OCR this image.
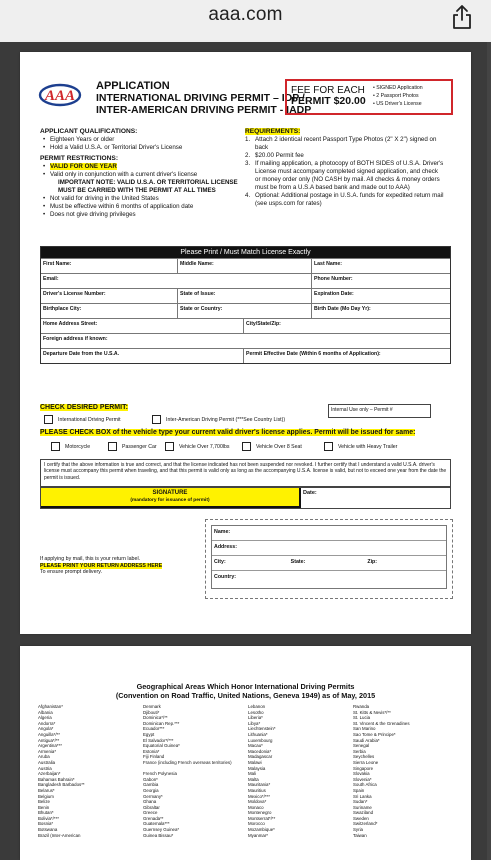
aaa.com
AAA
APPLICATION
INTERNATIONAL DRIVING PERMIT – IDP /
INTER-AMERICAN DRIVING PERMIT - IADP
FEE FOR EACH
PERMIT $20.00
• SIGNED Application
• 2 Passport Photos
• US Driver's License
APPLICANT QUALIFICATIONS:
• Eighteen Years or older
• Hold a Valid U.S.A. or Territorial Driver's License
PERMIT RESTRICTIONS:
• VALID FOR ONE YEAR
• Valid only in conjunction with a current driver's license
IMPORTANT NOTE: VALID U.S.A. OR TERRITORIAL LICENSE
MUST BE CARRIED WITH THE PERMIT AT ALL TIMES
• Not valid for driving in the United States
• Must be effective within 6 months of application date
• Does not give driving privileges
REQUIREMENTS:
1. Attach 2 identical recent Passport Type Photos (2" X 2") signed on back
2. $20.00 Permit fee
3. If mailing application, a photocopy of BOTH SIDES of U.S.A. Driver's License must accompany completed signed application, and check or money order only (NO CASH by mail. All checks & money orders must be from a U.S.A based bank and made out to AAA)
4. Optional: Additional postage in U.S.A. funds for expedited return mail (see usps.com for rates)
Please Print / Must Match License Exactly
First Name:	Middle Name:	Last Name:
Email:	Phone Number:
Driver's License Number:	State of Issue:	Expiration Date:
Birthplace City:	State or Country:	Birth Date (Mo Day Yr):
Home Address Street:	City/State/Zip:
Foreign address if known:
Departure Date from the U.S.A.	Permit Effective Date (Within 6 months of Application):
CHECK DESIRED PERMIT:
International Driving Permit	Inter-American Driving Permit (***See Country List))
Internal Use only – Permit #
PLEASE CHECK BOX of the vehicle type your current valid driver's license applies. Permit will be issued for same:
Motorcycle	Passenger Car	Vehicle Over 7,700lbs	Vehicle Over 8 Seat	Vehicle with Heavy Trailer
I certify that the above information is true and correct, and that the license indicated has not been suspended nor revoked. I further certify that I understand a valid U.S.A. driver's license must accompany this permit when traveling, and that this permit is valid only as long as the accompanying U.S.A. license is valid, but not to exceed one year from the date the permit is issued.
SIGNATURE
(mandatory for issuance of permit)
Date:
Name:
Address:
City:	State:	Zip:
Country:
If applying by mail, this is your return label.
PLEASE PRINT YOUR RETURN ADDRESS HERE
To ensure prompt delivery.
Geographical Areas Which Honor International Driving Permits
(Convention on Road Traffic, United Nations, Geneva 1949) as of May, 2015
Afghanistan*
Albania
Algeria
Andorra*
Angola*
Anguilla*/**
Antigua*/**
Argentina***
Armenia*
Aruba
Australia
Austria
Azerbaijan*
Bahamas Bahrain*
Bangladesh Barbados**
Belarus*
Belgium
Belize
Benin
Bhutan*
Bolivia*/***
Bosnia*
Botswana
Brazil (Inter-American
Denmark
Djibouti*
Dominica*/**
Dominican Rep.***
Ecuador***
Egypt
El Salvador*/***
Equatorial Guinea*
Estonia*
Fiji Finland
France (including French overseas territories)
French Polynesia
Gabon*
Gambia
Georgia
Germany*
Ghana
Gibraltar
Greece
Grenada**
Guatemala***
Guernsey Guinea*
Guinea Bissau*
Lebanon
Lesotho
Liberia*
Libya*
Liechtenstein*
Lithuania*
Luxembourg
Macau*
Macedonia*
Madagascar
Malawi
Malaysia
Mali
Malta
Mauritania*
Mauritius
Mexico*/***
Moldova*
Monaco
Montenegro
Montserrat*/**
Morocco
Mozambique*
Myanmar*
Rwanda
St. Kitts & Nevis*/**
St. Lucia
St. Vincent & the Grenadines
San Marino
Sao Tome & Principe*
Saudi Arabia*
Senegal
Serbia
Seychelles
Sierra Leone
Singapore
Slovakia
Slovenia*
South Africa
Spain
Sri Lanka
Sudan*
Suriname
Swaziland
Sweden
Switzerland*
Syria
Taiwan
